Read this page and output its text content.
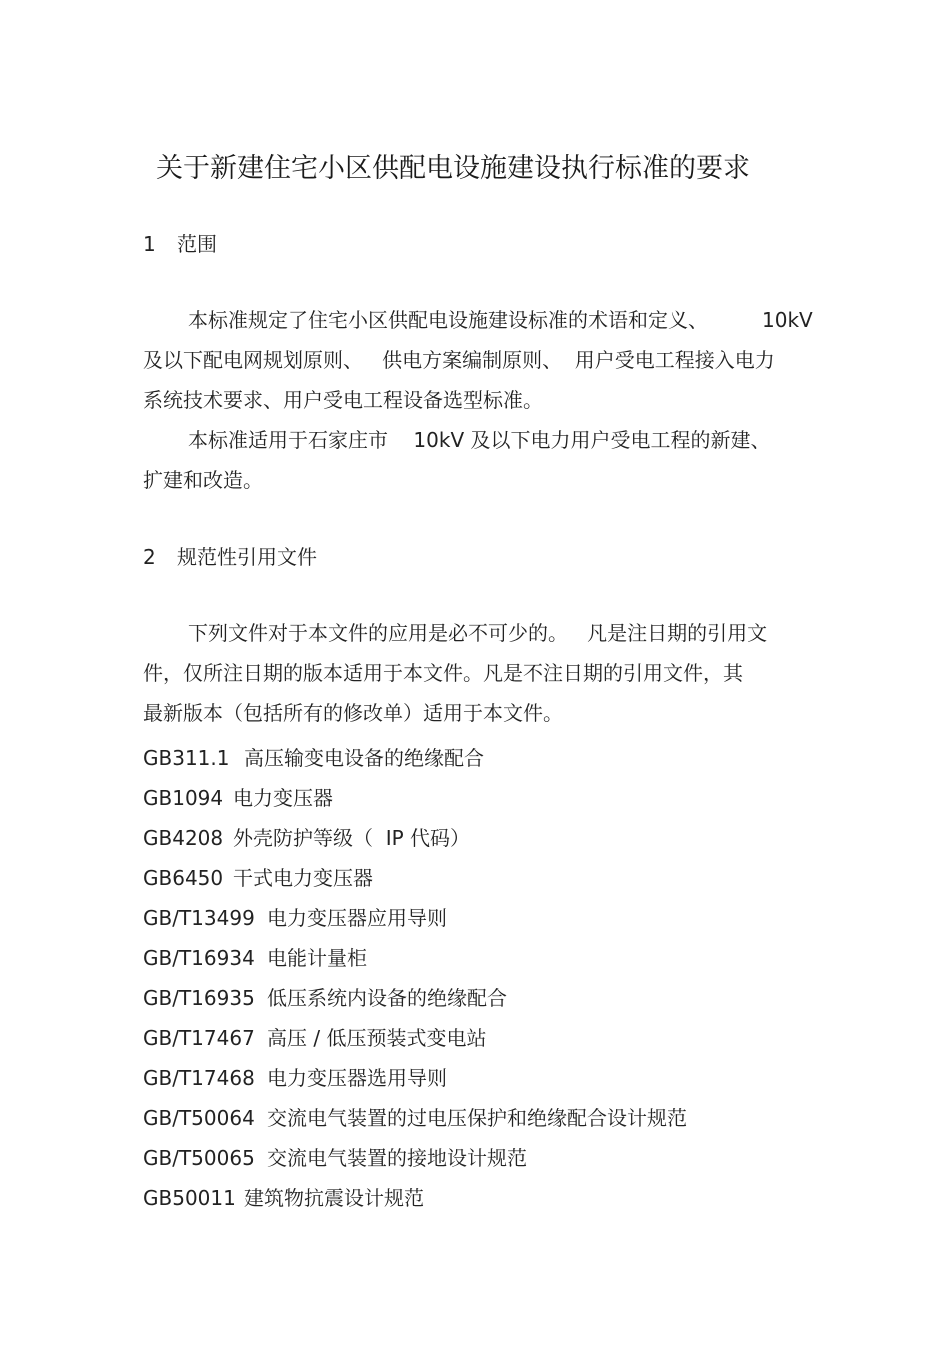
关于新建住宅小区供配电设施建设执行标准的要求
1 范围
本标准规定了住宅小区供配电设施建设标准的术语和定义、	10kV
及以下配电网规划原则、   供电方案编制原则、  用户受电工程接入电力
系统技术要求、用户受电工程设备选型标准。
本标准适用于石家庄市    10kV 及以下电力用户受电工程的新建、
扩建和改造。
2 规范性引用文件
下列文件对于本文件的应用是必不可少的。   凡是注日期的引用文
件，仅所注日期的版本适用于本文件。凡是不注日期的引用文件，其
最新版本（包括所有的修改单）适用于本文件。
GB311.1 高压输变电设备的绝缘配合
GB1094 电力变压器
GB4208 外壳防护等级（  IP 代码）
GB6450 干式电力变压器
GB/T13499 电力变压器应用导则
GB/T16934 电能计量柜
GB/T16935 低压系统内设备的绝缘配合
GB/T17467 高压 / 低压预装式变电站
GB/T17468 电力变压器选用导则
GB/T50064 交流电气装置的过电压保护和绝缘配合设计规范
GB/T50065 交流电气装置的接地设计规范
GB50011 建筑物抗震设计规范
